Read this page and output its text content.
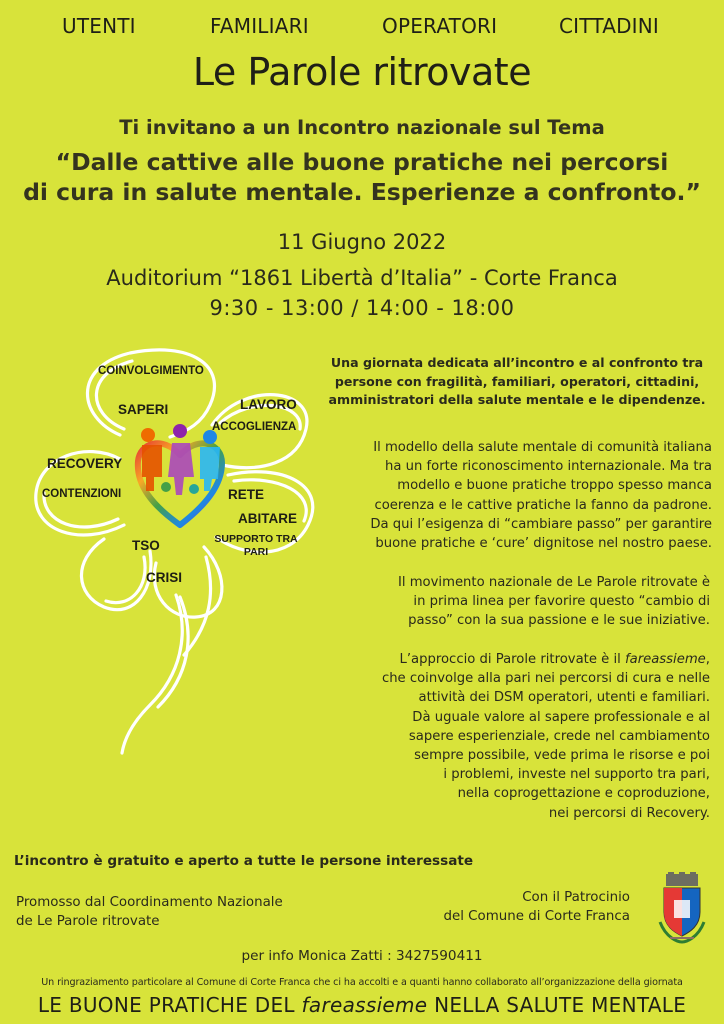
UTENTI	FAMILIARI	OPERATORI	CITTADINI
Le Parole ritrovate
Ti invitano a un Incontro nazionale sul Tema
“Dalle cattive alle buone pratiche nei percorsi
di cura in salute mentale. Esperienze a confronto.”
11 Giugno 2022
Auditorium “1861 Libertà d’Italia” - Corte Franca
9:30 - 13:00 / 14:00 - 18:00
COINVOLGIMENTO
SAPERI	LAVORO
ACCOGLIENZA
RECOVERY
CONTENZIONI	RETE
ABITARE
SUPPORTO TRA
PARI
TSO
CRISI
Una giornata dedicata all’incontro e al confronto tra
persone con fragilità, familiari, operatori, cittadini,
amministratori della salute mentale e le dipendenze.
Il modello della salute mentale di comunità italiana
ha un forte riconoscimento internazionale. Ma tra
modello e buone pratiche troppo spesso manca
coerenza e le cattive pratiche la fanno da padrone.
Da qui l’esigenza di “cambiare passo” per garantire
buone pratiche e ‘cure’ dignitose nel nostro paese.
Il movimento nazionale de Le Parole ritrovate è
in prima linea per favorire questo “cambio di
passo” con la sua passione e le sue iniziative.
L’approccio di Parole ritrovate è il fareassieme,
che coinvolge alla pari nei percorsi di cura e nelle
attività dei DSM operatori, utenti e familiari.
Dà uguale valore al sapere professionale e al
sapere esperienziale, crede nel cambiamento
sempre possibile, vede prima le risorse e poi
i problemi, investe nel supporto tra pari,
nella coprogettazione e coproduzione,
nei percorsi di Recovery.
L’incontro è gratuito e aperto a tutte le persone interessate
Promosso dal Coordinamento Nazionale
de Le Parole ritrovate
Con il Patrocinio
del Comune di Corte Franca
per info Monica Zatti : 3427590411
Un ringraziamento particolare al Comune di Corte Franca che ci ha accolti e a quanti hanno collaborato all’organizzazione della giornata
LE BUONE PRATICHE DEL fareassieme NELLA SALUTE MENTALE
